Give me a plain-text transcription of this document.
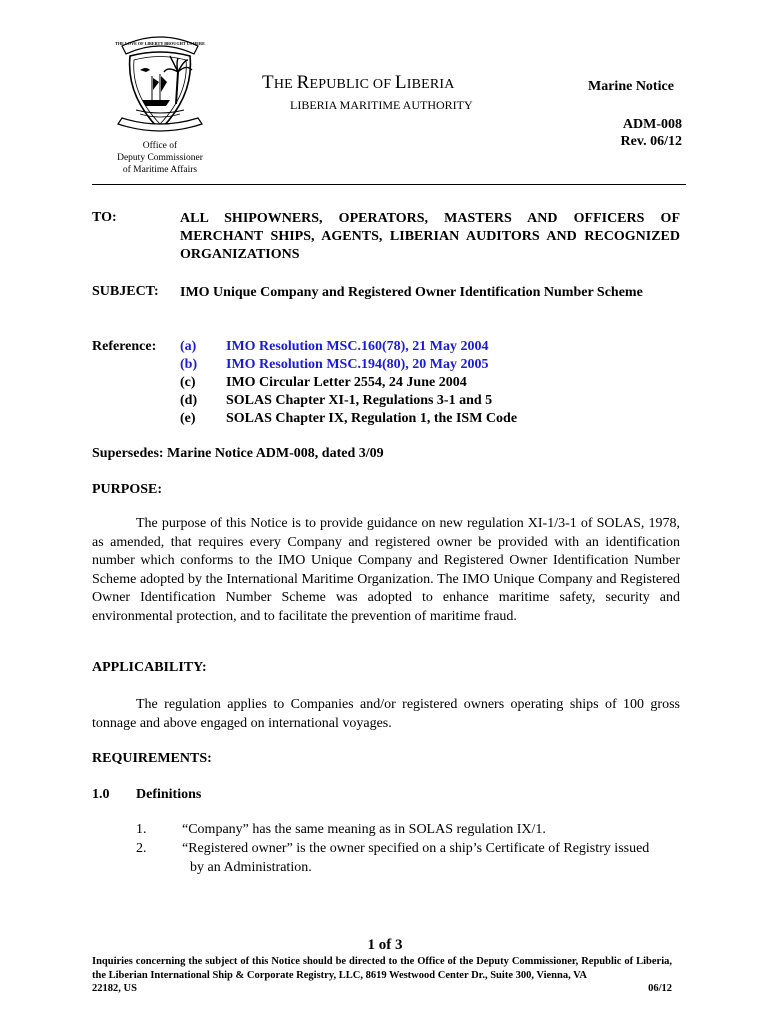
THE LOVE OF LIBERTY BROUGHT US HERE
Office of
Deputy Commissioner
of Maritime Affairs
THE REPUBLIC OF LIBERIA
LIBERIA MARITIME AUTHORITY
Marine Notice
ADM-008
Rev. 06/12
TO:	ALL SHIPOWNERS, OPERATORS, MASTERS AND OFFICERS OF MERCHANT SHIPS, AGENTS, LIBERIAN AUDITORS AND RECOGNIZED ORGANIZATIONS
SUBJECT: IMO Unique Company and Registered Owner Identification Number Scheme
Reference: (a) IMO Resolution MSC.160(78), 21 May 2004
(b) IMO Resolution MSC.194(80), 20 May 2005
(c) IMO Circular Letter 2554, 24 June 2004
(d) SOLAS Chapter XI-1, Regulations 3-1 and 5
(e) SOLAS Chapter IX, Regulation 1, the ISM Code
Supersedes: Marine Notice ADM-008, dated 3/09
PURPOSE:
The purpose of this Notice is to provide guidance on new regulation XI-1/3-1 of SOLAS, 1978, as amended, that requires every Company and registered owner be provided with an identification number which conforms to the IMO Unique Company and Registered Owner Identification Number Scheme adopted by the International Maritime Organization. The IMO Unique Company and Registered Owner Identification Number Scheme was adopted to enhance maritime safety, security and environmental protection, and to facilitate the prevention of maritime fraud.
APPLICABILITY:
The regulation applies to Companies and/or registered owners operating ships of 100 gross tonnage and above engaged on international voyages.
REQUIREMENTS:
1.0 Definitions
1.	“Company” has the same meaning as in SOLAS regulation IX/1.
2.	“Registered owner” is the owner specified on a ship’s Certificate of Registry issued
by an Administration.
1 of 3
Inquiries concerning the subject of this Notice should be directed to the Office of the Deputy Commissioner, Republic of Liberia, the Liberian International Ship & Corporate Registry, LLC, 8619 Westwood Center Dr., Suite 300, Vienna, VA
22182, US	06/12
